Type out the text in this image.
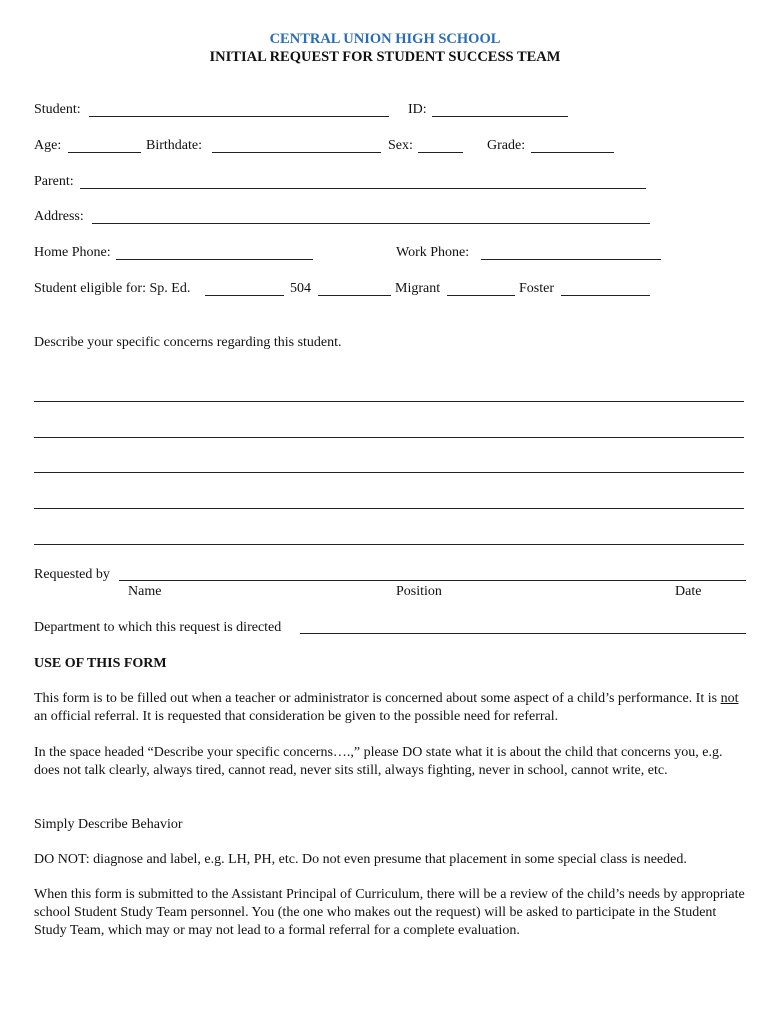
CENTRAL UNION HIGH SCHOOL
INITIAL REQUEST FOR STUDENT SUCCESS TEAM
Student:	ID:
Age:	Birthdate:	Sex:	Grade:
Parent:
Address:
Home Phone:	Work Phone:
Student eligible for: Sp. Ed.	504	Migrant	Foster
Describe your specific concerns regarding this student.
Requested by
Name	Position	Date
Department to which this request is directed
USE OF THIS FORM

This form is to be filled out when a teacher or administrator is concerned about some aspect of a child’s performance. It is not an official referral. It is requested that consideration be given to the possible need for referral.

In the space headed “Describe your specific concerns….,” please DO state what it is about the child that concerns you, e.g. does not talk clearly, always tired, cannot read, never sits still, always fighting, never in school, cannot write, etc.

Simply Describe Behavior

DO NOT: diagnose and label, e.g. LH, PH, etc. Do not even presume that placement in some special class is needed.

When this form is submitted to the Assistant Principal of Curriculum, there will be a review of the child’s needs by appropriate school Student Study Team personnel. You (the one who makes out the request) will be asked to participate in the Student Study Team, which may or may not lead to a formal referral for a complete evaluation.
